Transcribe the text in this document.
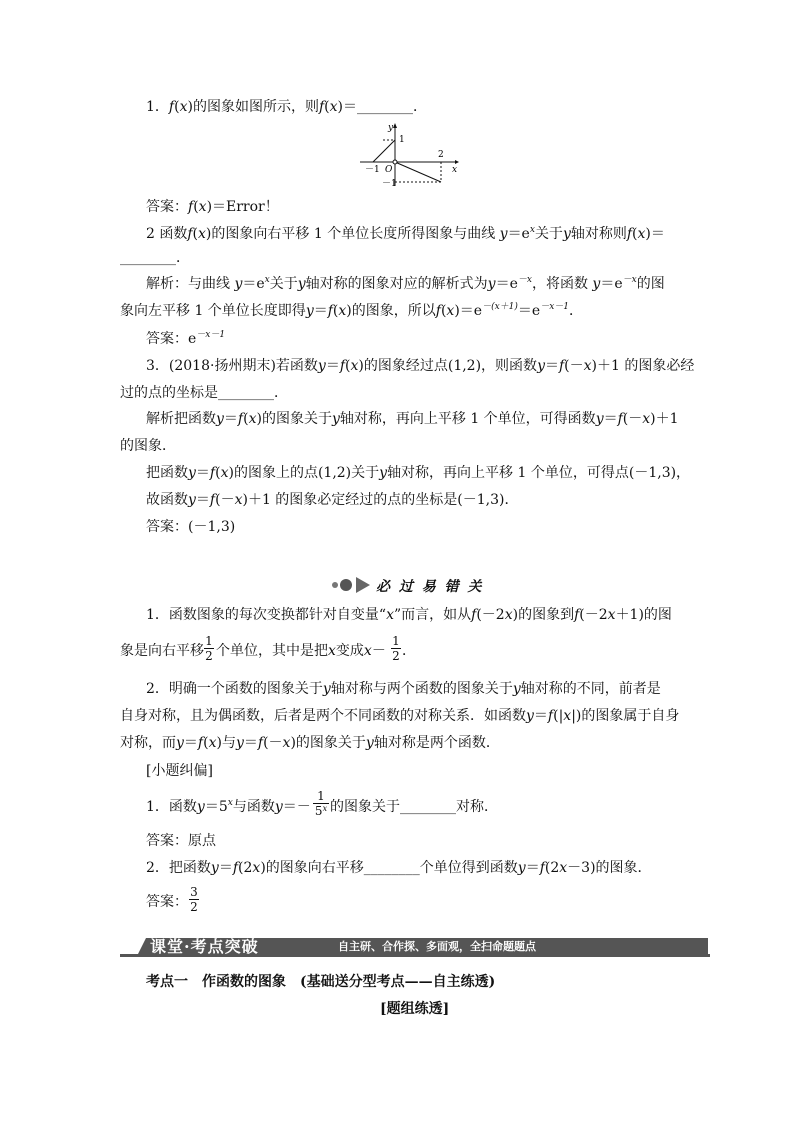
1．f(x)的图象如图所示，则f(x)＝________．
y
x
1
－1 O
2
－1
答案：f(x)＝Error！
2 函数f(x)的图象向右平移 1 个单位长度所得图象与曲线 $y=e^x$关于y轴对称则f(x)＝
________．
解析：与曲线 $y=e^x$关于y轴对称的图象对应的解析式为$y=e^{-x}$，将函数 $y=e^{-x}$的图
象向左平移 1 个单位长度即得y＝f(x)的图象，所以$f(x)=e^{-(x+1)}=e^{-x-1}$．
答案：$e^{-x-1}$
3．(2018·扬州期末)若函数y＝f(x)的图象经过点(1,2)，则函数y＝f(－x)＋1 的图象必经
过的点的坐标是________．
解析把函数y＝f(x)的图象关于y轴对称，再向上平移 1 个单位，可得函数y＝f(－x)＋1
的图象．
把函数y＝f(x)的图象上的点(1,2)关于y轴对称，再向上平移 1 个单位，可得点(－1,3)，
故函数y＝f(－x)＋1 的图象必定经过的点的坐标是(－1,3)．
答案：(－1,3)
必 过 易 错 关
1．函数图象的每次变换都针对自变量“x”而言，如从f(－2x)的图象到f(－2x＋1)的图
象是向右平移
1
2 个单位，其中是把x变成x－
1
2 ．
2．明确一个函数的图象关于y轴对称与两个函数的图象关于y轴对称的不同，前者是
自身对称，且为偶函数，后者是两个不同函数的对称关系．如函数y＝f(|x|)的图象属于自身
对称，而y＝f(x)与y＝f(－x)的图象关于y轴对称是两个函数．
[小题纠偏]
1．函数$y=5^x$与函数y＝－
1
5$^x$ 的图象关于________对称．
答案：原点
2．把函数y＝f(2x)的图象向右平移________个单位得到函数y＝f(2x－3)的图象．
答案：
3
2
课堂·考点突破	自主研、合作探、多面观，全扫命题题点
考点一　作函数的图象　(基础送分型考点——自主练透)
[题组练透]
